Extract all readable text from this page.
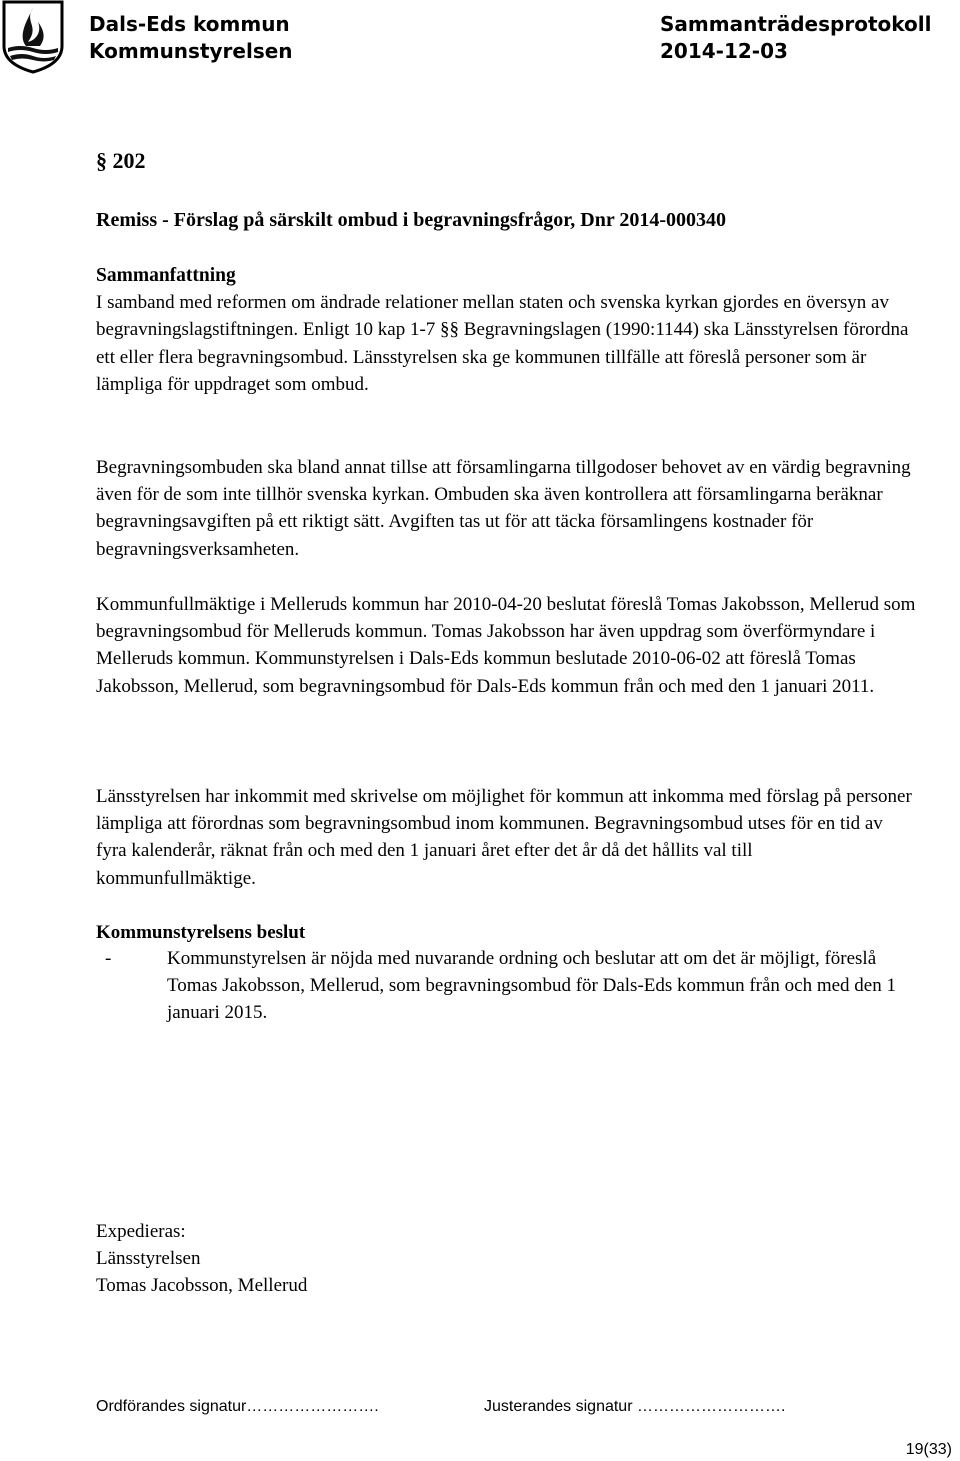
Dals-Eds kommun
Kommunstyrelsen
Sammanträdesprotokoll
2014-12-03
§ 202
Remiss - Förslag på särskilt ombud i begravningsfrågor, Dnr 2014-000340
Sammanfattning

I samband med reformen om ändrade relationer mellan staten och svenska kyrkan gjordes en översyn av begravningslagstiftningen. Enligt 10 kap 1-7 §§ Begravningslagen (1990:1144) ska Länsstyrelsen förordna ett eller flera begravningsombud. Länsstyrelsen ska ge kommunen tillfälle att föreslå personer som är lämpliga för uppdraget som ombud.

Begravningsombuden ska bland annat tillse att församlingarna tillgodoser behovet av en värdig begravning även för de som inte tillhör svenska kyrkan. Ombuden ska även kontrollera att församlingarna beräknar begravningsavgiften på ett riktigt sätt. Avgiften tas ut för att täcka församlingens kostnader för begravningsverksamheten.

Kommunfullmäktige i Melleruds kommun har 2010-04-20 beslutat föreslå Tomas Jakobsson, Mellerud som begravningsombud för Melleruds kommun. Tomas Jakobsson har även uppdrag som överförmyndare i Melleruds kommun. Kommunstyrelsen i Dals-Eds kommun beslutade 2010-06-02 att föreslå Tomas Jakobsson, Mellerud, som begravningsombud för Dals-Eds kommun från och med den 1 januari 2011.

Länsstyrelsen har inkommit med skrivelse om möjlighet för kommun att inkomma med förslag på personer lämpliga att förordnas som begravningsombud inom kommunen. Begravningsombud utses för en tid av fyra kalenderår, räknat från och med den 1 januari året efter det år då det hållits val till kommunfullmäktige.

Kommunstyrelsens beslut
-	Kommunstyrelsen är nöjda med nuvarande ordning och beslutar att om det är möjligt, föreslå Tomas Jakobsson, Mellerud, som begravningsombud för Dals-Eds kommun från och med den 1 januari 2015.
Expedieras:
Länsstyrelsen
Tomas Jacobsson, Mellerud
Ordförandes signatur…………………….	Justerandes signatur ……………………….
19(33)
